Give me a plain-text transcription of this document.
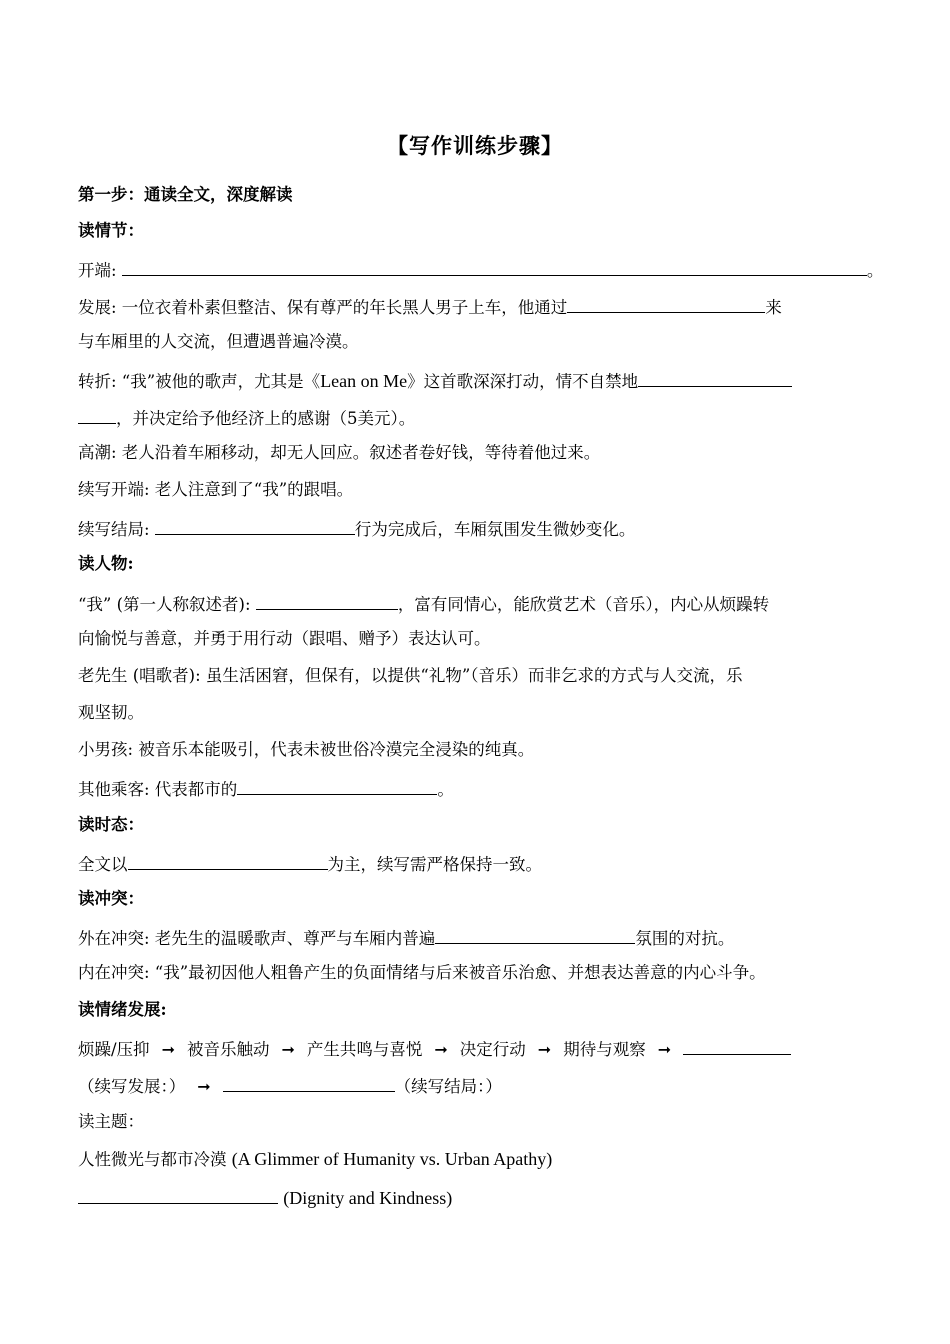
【写作训练步骤】
第一步：通读全文，深度解读
读情节：
开端:	。
发展: 一位衣着朴素但整洁、保有尊严的年长黑人男子上车，他通过	来
与车厢里的人交流，但遭遇普遍冷漠。
转折: “我”被他的歌声，尤其是《Lean on Me》这首歌深深打动，情不自禁地
，并决定给予他经济上的感谢（5美元）。
高潮: 老人沿着车厢移动，却无人回应。叙述者卷好钱，等待着他过来。
续写开端: 老人注意到了“我”的跟唱。
续写结局:	行为完成后，车厢氛围发生微妙变化。
读人物:
“我” (第一人称叙述者):	，富有同情心，能欣赏艺术（音乐），内心从烦躁转
向愉悦与善意，并勇于用行动（跟唱、赠予）表达认可。
老先生 (唱歌者): 虽生活困窘，但保有，以提供“礼物”（音乐）而非乞求的方式与人交流，乐
观坚韧。
小男孩: 被音乐本能吸引，代表未被世俗冷漠完全浸染的纯真。
其他乘客: 代表都市的	。
读时态：
全文以	为主，续写需严格保持一致。
读冲突：
外在冲突: 老先生的温暖歌声、尊严与车厢内普遍	氛围的对抗。
内在冲突: “我”最初因他人粗鲁产生的负面情绪与后来被音乐治愈、并想表达善意的内心斗争。
读情绪发展:
烦躁/压抑 ➞ 被音乐触动 ➞ 产生共鸣与喜悦 ➞ 决定行动 ➞ 期待与观察 ➞
（续写发展：） ➞	（续写结局：）
读主题：
人性微光与都市冷漠 (A Glimmer of Humanity vs. Urban Apathy)
(Dignity and Kindness)
